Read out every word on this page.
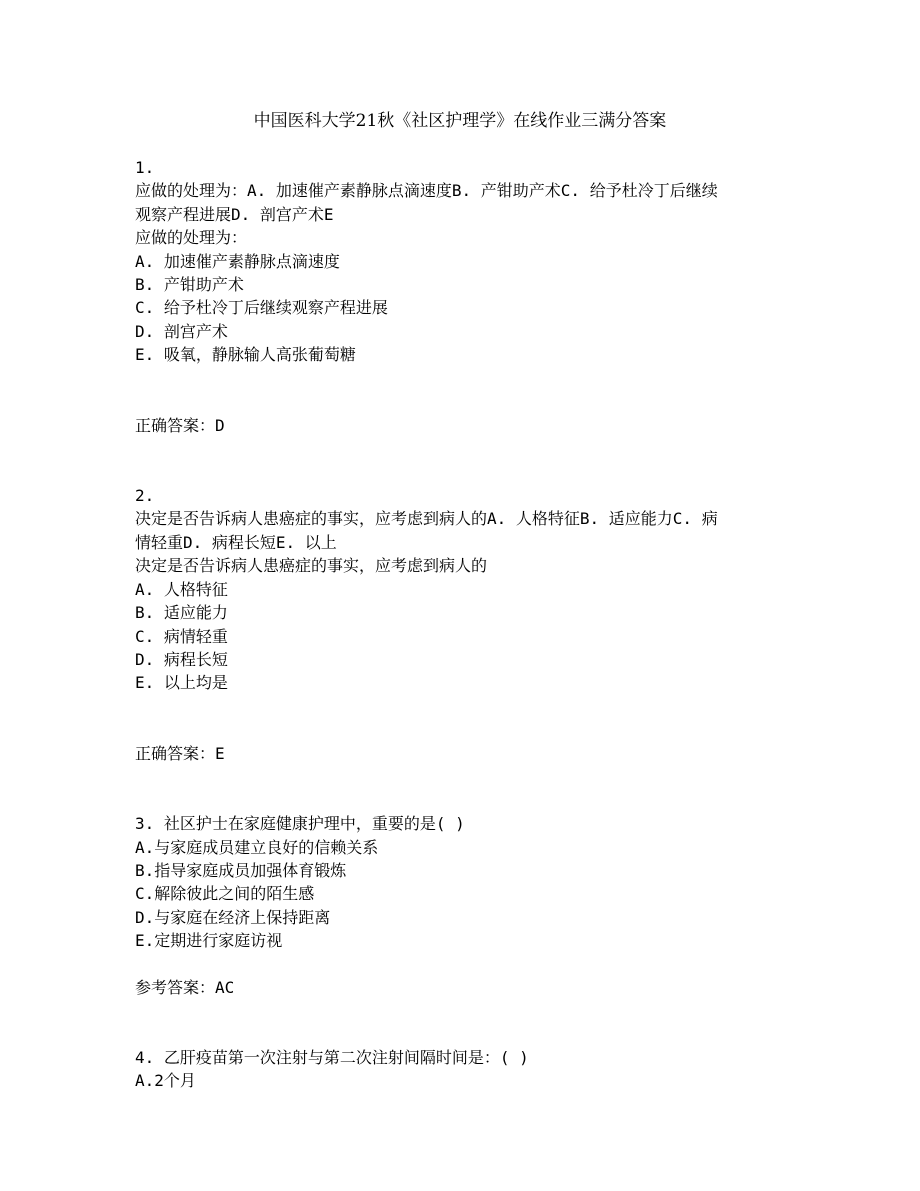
中国医科大学21秋《社区护理学》在线作业三满分答案

1.

应做的处理为：A. 加速催产素静脉点滴速度B. 产钳助产术C. 给予杜冷丁后继续

观察产程进展D. 剖宫产术E

应做的处理为：

A. 加速催产素静脉点滴速度

B. 产钳助产术

C. 给予杜冷丁后继续观察产程进展

D. 剖宫产术

E. 吸氧，静脉输人高张葡萄糖

正确答案：D

2.

决定是否告诉病人患癌症的事实，应考虑到病人的A. 人格特征B. 适应能力C. 病

情轻重D. 病程长短E. 以上

决定是否告诉病人患癌症的事实，应考虑到病人的

A. 人格特征

B. 适应能力

C. 病情轻重

D. 病程长短

E. 以上均是

正确答案：E

3. 社区护士在家庭健康护理中，重要的是( )

A.与家庭成员建立良好的信赖关系

B.指导家庭成员加强体育锻炼

C.解除彼此之间的陌生感

D.与家庭在经济上保持距离

E.定期进行家庭访视

参考答案：AC

4. 乙肝疫苗第一次注射与第二次注射间隔时间是：( )

A.2个月
